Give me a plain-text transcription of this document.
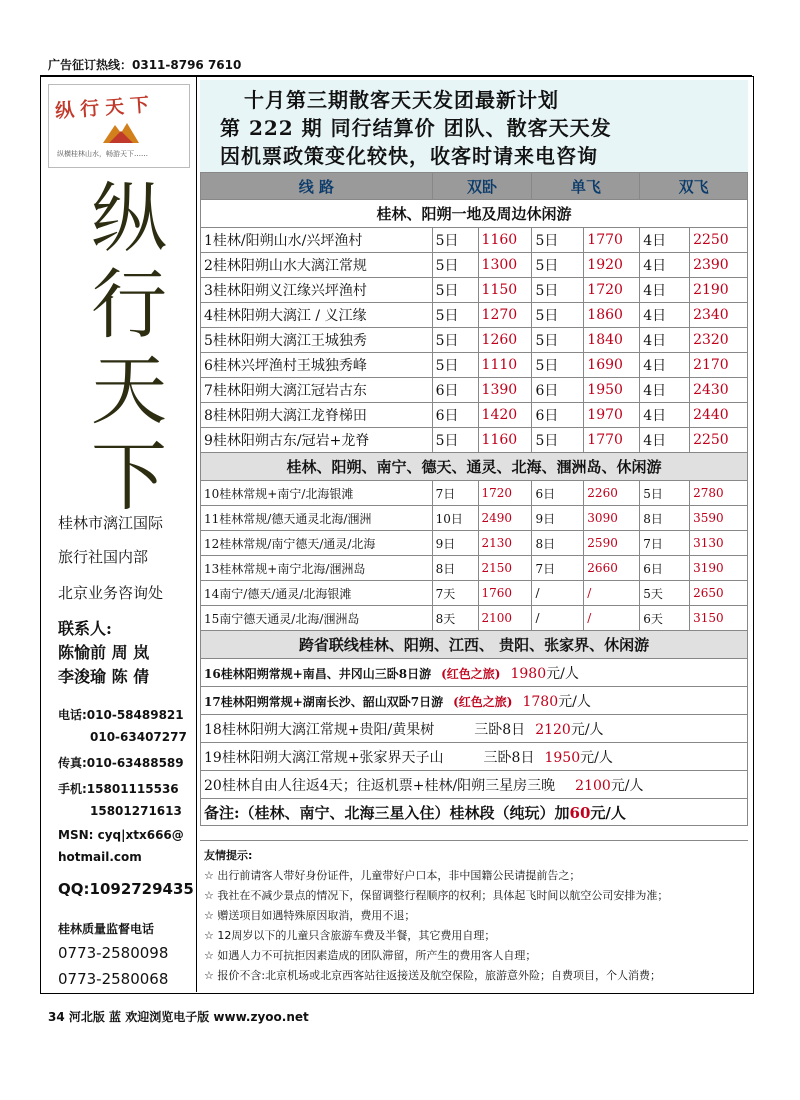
广告征订热线：0311-8796 7610
纵行天下
纵横桂林山水，畅游天下……
纵
行
天
下
桂林市漓江国际
旅行社国内部
北京业务咨询处
联系人:
陈愉前 周 岚
李浚瑜 陈 倩
电话:010-58489821
010-63407277
传真:010-63488589
手机:15801115536
15801271613
MSN: cyq|xtx666@
hotmail.com
QQ:1092729435
桂林质量监督电话
0773-2580098
0773-2580068
十月第三期散客天天发团最新计划
第 222 期 同行结算价 团队、散客天天发
因机票政策变化较快，收客时请来电咨询
线 路	双卧		单飞		双飞	
桂林、阳朔一地及周边休闲游						
1桂林/阳朔山水/兴坪渔村	5日	1160	5日	1770	4日	2250
2桂林阳朔山水大漓江常规	5日	1300	5日	1920	4日	2390
3桂林阳朔义江缘兴坪渔村	5日	1150	5日	1720	4日	2190
4桂林阳朔大漓江 / 义江缘	5日	1270	5日	1860	4日	2340
5桂林阳朔大漓江王城独秀	5日	1260	5日	1840	4日	2320
6桂林兴坪渔村王城独秀峰	5日	1110	5日	1690	4日	2170
7桂林阳朔大漓江冠岩古东	6日	1390	6日	1950	4日	2430
8桂林阳朔大漓江龙脊梯田	6日	1420	6日	1970	4日	2440
9桂林阳朔古东/冠岩+龙脊	5日	1160	5日	1770	4日	2250
桂林、阳朔、南宁、德天、通灵、北海、涠洲岛、休闲游						
10桂林常规+南宁/北海银滩	7日	1720	6日	2260	5日	2780
11桂林常规/德天通灵北海/涠洲	10日	2490	9日	3090	8日	3590
12桂林常规/南宁德天/通灵/北海	9日	2130	8日	2590	7日	3130
13桂林常规+南宁北海/涠洲岛	8日	2150	7日	2660	6日	3190
14南宁/德天/通灵/北海银滩	7天	1760	/	/	5天	2650
15南宁德天通灵/北海/涠洲岛	8天	2100	/	/	6天	3150
跨省联线桂林、阳朔、江西、 贵阳、张家界、休闲游						
16桂林阳朔常规+南昌、井冈山三卧8日游 (红色之旅) 1980元/人						
17桂林阳朔常规+湖南长沙、韶山双卧7日游 (红色之旅) 1780元/人						
18桂林阳朔大漓江常规+贵阳/黄果树 三卧8日 2120元/人						
19桂林阳朔大漓江常规+张家界天子山 三卧8日 1950元/人						
20桂林自由人往返4天；往返机票+桂林/阳朔三星房三晚 2100元/人						
备注:（桂林、南宁、北海三星入住）桂林段（纯玩）加60元/人						
友情提示:
☆ 出行前请客人带好身份证件，儿童带好户口本，非中国籍公民请提前告之；
☆ 我社在不减少景点的情况下，保留调整行程顺序的权利；具体起飞时间以航空公司安排为准；
☆ 赠送项目如遇特殊原因取消，费用不退；
☆ 12周岁以下的儿童只含旅游车费及半餐，其它费用自理；
☆ 如遇人力不可抗拒因素造成的团队滞留，所产生的费用客人自理；
☆ 报价不含:北京机场或北京西客站往返接送及航空保险，旅游意外险；自费项目，个人消费；
34 河北版 蓝 欢迎浏览电子版 www.zyoo.net
